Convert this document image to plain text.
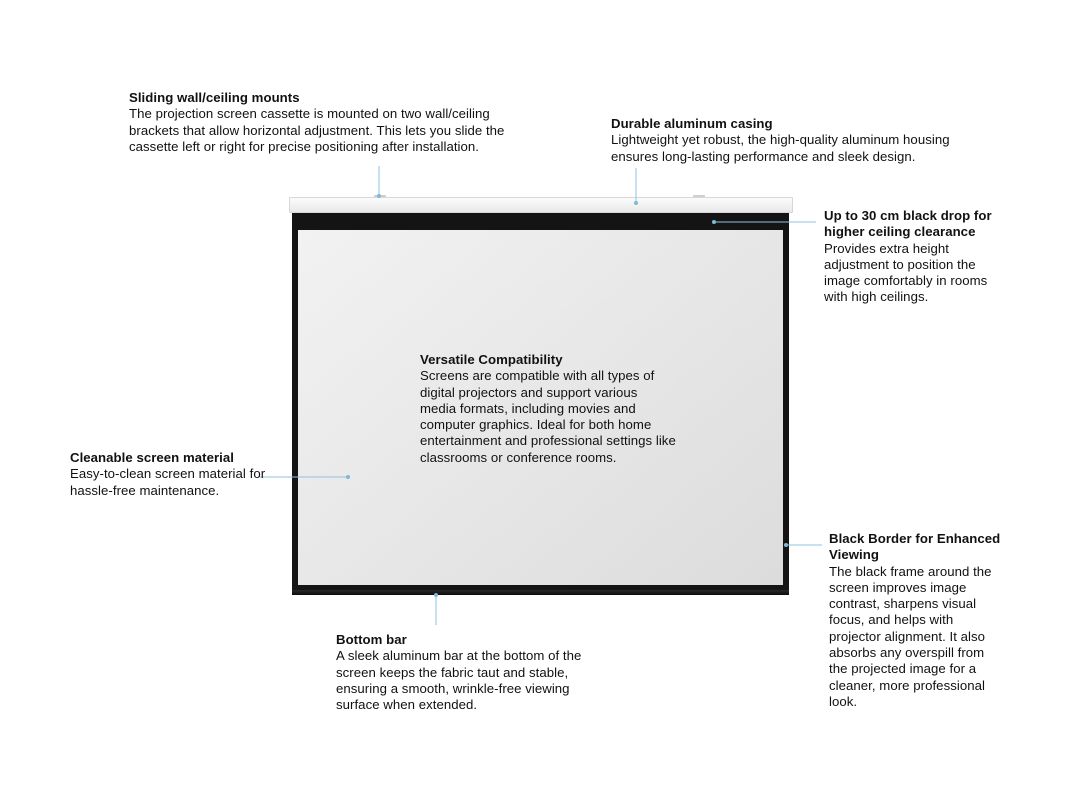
Sliding wall/ceiling mounts
The projection screen cassette is mounted on two wall/ceiling brackets that allow horizontal adjustment. This lets you slide the cassette left or right for precise positioning after installation.
Durable aluminum casing
Lightweight yet robust, the high-quality aluminum housing ensures long-lasting performance and sleek design.
Up to 30 cm black drop for higher ceiling clearance
Provides extra height adjustment to position the image comfortably in rooms with high ceilings.
Versatile Compatibility
Screens are compatible with all types of digital projectors and support various media formats, including movies and computer graphics. Ideal for both home entertainment and professional settings like classrooms or conference rooms.
Cleanable screen material
Easy-to-clean screen material for hassle-free maintenance.
Black Border for Enhanced Viewing
The black frame around the screen improves image contrast, sharpens visual focus, and helps with projector alignment. It also absorbs any overspill from the projected image for a cleaner, more professional look.
Bottom bar
A sleek aluminum bar at the bottom of the screen keeps the fabric taut and stable, ensuring a smooth, wrinkle-free viewing surface when extended.
